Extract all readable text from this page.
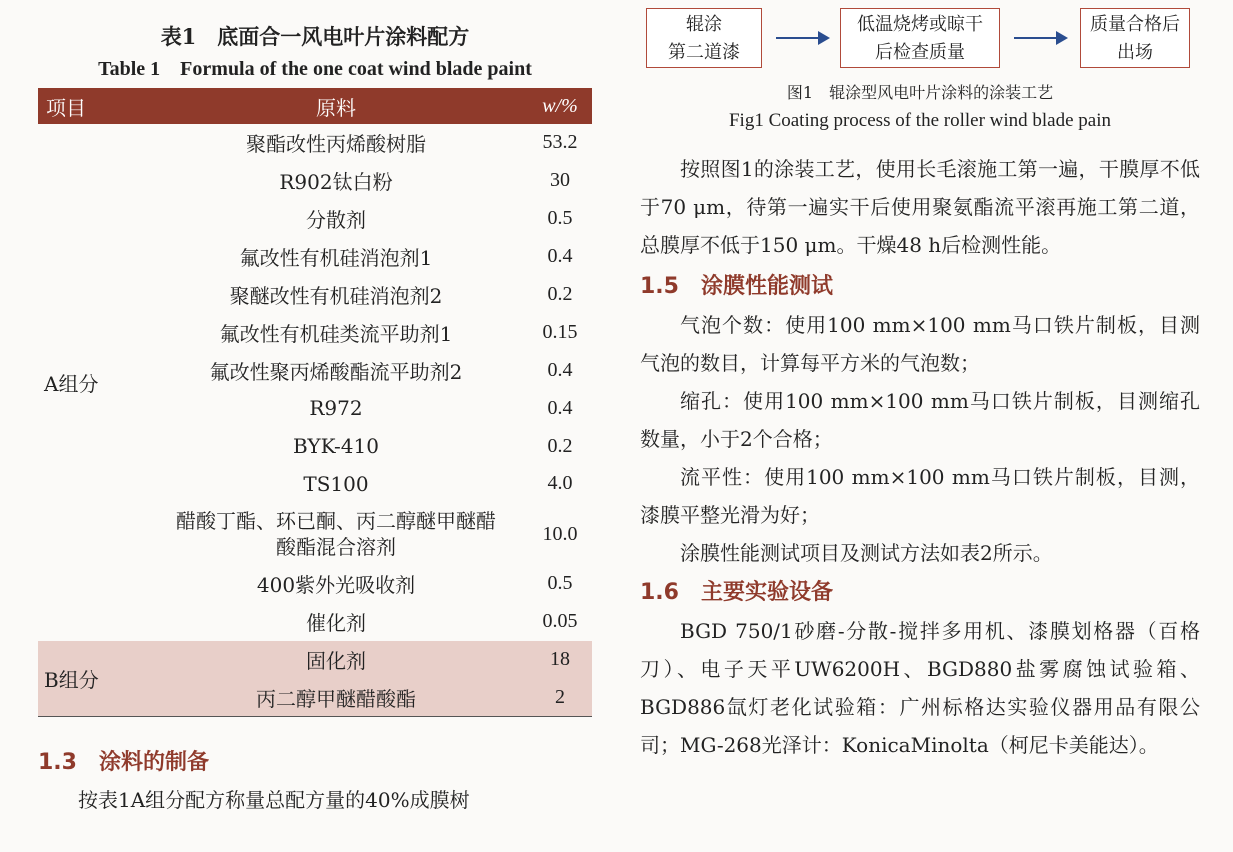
表1　底面合一风电叶片涂料配方
Table 1　Formula of the one coat wind blade paint
项目	原料	w/%
A组分	聚酯改性丙烯酸树脂	53.2
	R902钛白粉	30
	分散剂	0.5
	氟改性有机硅消泡剂1	0.4
	聚醚改性有机硅消泡剂2	0.2
	氟改性有机硅类流平助剂1	0.15
	氟改性聚丙烯酸酯流平助剂2	0.4
	R972	0.4
	BYK-410	0.2
	TS100	4.0
	醋酸丁酯、环已酮、丙二醇醚甲醚醋
酸酯混合溶剂	10.0
	400紫外光吸收剂	0.5
	催化剂	0.05
B组分	固化剂	18
	丙二醇甲醚醋酸酯	2
1.3 涂料的制备

按表1A组分配方称量总配方量的40%成膜树

辊涂
第二道漆
低温烧烤或晾干
后检查质量
质量合格后
出场
图1　辊涂型风电叶片涂料的涂装工艺
Fig1 Coating process of the roller wind blade pain

按照图1的涂装工艺，使用长毛滚施工第一遍，干膜厚不低于70 μm，待第一遍实干后使用聚氨酯流平滚再施工第二道，总膜厚不低于150 μm。干燥48 h后检测性能。

1.5 涂膜性能测试

气泡个数：使用100 mm×100 mm马口铁片制板，目测气泡的数目，计算每平方米的气泡数；

缩孔：使用100 mm×100 mm马口铁片制板，目测缩孔数量，小于2个合格；

流平性：使用100 mm×100 mm马口铁片制板，目测，漆膜平整光滑为好；

涂膜性能测试项目及测试方法如表2所示。

1.6 主要实验设备

BGD 750/1砂磨-分散-搅拌多用机、漆膜划格器（百格刀）、电子天平UW6200H、BGD880盐雾腐蚀试验箱、BGD886氙灯老化试验箱：广州标格达实验仪器用品有限公司；MG-268光泽计：KonicaMinolta（柯尼卡美能达）。
